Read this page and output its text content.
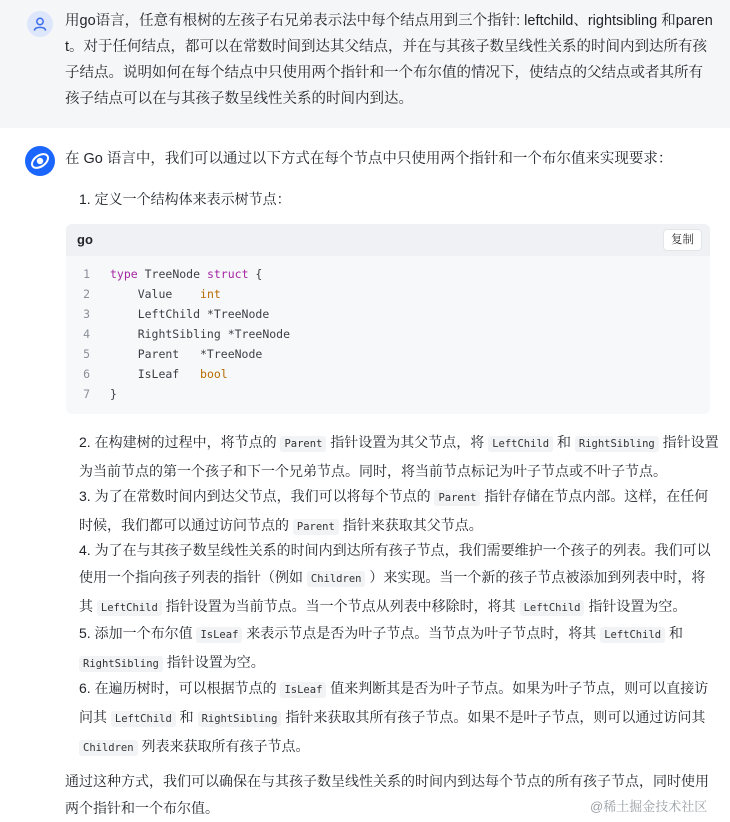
用go语言，任意有根树的左孩子右兄弟表示法中每个结点用到三个指针: leftchild、rightsibling 和parent。对于任何结点，都可以在常数时间到达其父结点，并在与其孩子数呈线性关系的时间内到达所有孩子结点。说明如何在每个结点中只使用两个指针和一个布尔值的情况下，使结点的父结点或者其所有孩子结点可以在与其孩子数呈线性关系的时间内到达。
在 Go 语言中，我们可以通过以下方式在每个节点中只使用两个指针和一个布尔值来实现要求：
1. 定义一个结构体来表示树节点：
go	复制
1 type TreeNode struct {
2 Value    int
3 LeftChild *TreeNode
4 RightSibling *TreeNode
5 Parent   *TreeNode
6 IsLeaf   bool
7 }
2. 在构建树的过程中，将节点的 Parent 指针设置为其父节点，将 LeftChild 和 RightSibling 指针设置为当前节点的第一个孩子和下一个兄弟节点。同时，将当前节点标记为叶子节点或不叶子节点。
3. 为了在常数时间内到达父节点，我们可以将每个节点的 Parent 指针存储在节点内部。这样，在任何时候，我们都可以通过访问节点的 Parent 指针来获取其父节点。
4. 为了在与其孩子数呈线性关系的时间内到达所有孩子节点，我们需要维护一个孩子的列表。我们可以使用一个指向孩子列表的指针（例如 Children ）来实现。当一个新的孩子节点被添加到列表中时，将其 LeftChild 指针设置为当前节点。当一个节点从列表中移除时，将其 LeftChild 指针设置为空。
5. 添加一个布尔值 IsLeaf 来表示节点是否为叶子节点。当节点为叶子节点时，将其 LeftChild 和 RightSibling 指针设置为空。
6. 在遍历树时，可以根据节点的 IsLeaf 值来判断其是否为叶子节点。如果为叶子节点，则可以直接访问其 LeftChild 和 RightSibling 指针来获取其所有孩子节点。如果不是叶子节点，则可以通过访问其 Children 列表来获取所有孩子节点。
通过这种方式，我们可以确保在与其孩子数呈线性关系的时间内到达每个节点的所有孩子节点，同时使用两个指针和一个布尔值。	@稀土掘金技术社区
